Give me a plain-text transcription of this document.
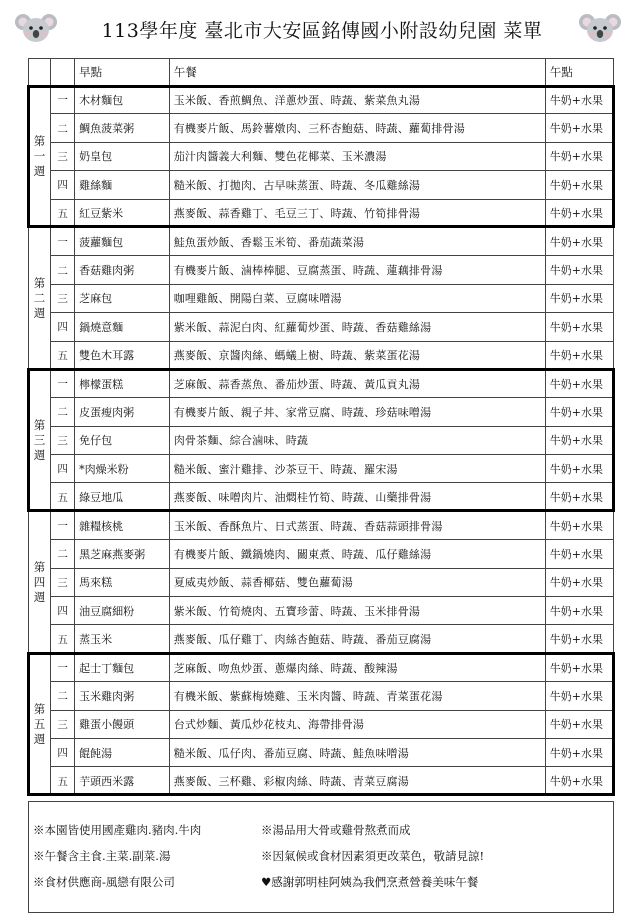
113學年度 臺北市大安區銘傳國小附設幼兒園 菜單
		早點	午餐	午點

第
一
週	一	木材麵包	玉米飯、香煎鯛魚、洋蔥炒蛋、時蔬、紫菜魚丸湯	牛奶+水果
	二	鯛魚菠菜粥	有機麥片飯、馬鈴薯燉肉、三杯杏鮑菇、時蔬、蘿蔔排骨湯	牛奶+水果
	三	奶皇包	茄汁肉醬義大利麵、雙色花椰菜、玉米濃湯	牛奶+水果
	四	雞絲麵	糙米飯、打拋肉、古早味蒸蛋、時蔬、冬瓜雞絲湯	牛奶+水果
	五	紅豆紫米	燕麥飯、蒜香雞丁、毛豆三丁、時蔬、竹筍排骨湯	牛奶+水果

第
二
週	一	菠蘿麵包	鮭魚蛋炒飯、香鬆玉米筍、番茄蔬菜湯	牛奶+水果
	二	香菇雞肉粥	有機麥片飯、滷棒棒腿、豆腐蒸蛋、時蔬、蓮藕排骨湯	牛奶+水果
	三	芝麻包	咖哩雞飯、開陽白菜、豆腐味噌湯	牛奶+水果
	四	鍋燒意麵	紫米飯、蒜泥白肉、紅蘿蔔炒蛋、時蔬、香菇雞絲湯	牛奶+水果
	五	雙色木耳露	燕麥飯、京醬肉絲、螞蟻上樹、時蔬、紫菜蛋花湯	牛奶+水果

第
三
週	一	檸檬蛋糕	芝麻飯、蒜香蒸魚、番茄炒蛋、時蔬、黃瓜貢丸湯	牛奶+水果
	二	皮蛋瘦肉粥	有機麥片飯、親子丼、家常豆腐、時蔬、珍菇味噌湯	牛奶+水果
	三	免仔包	肉骨茶麵、綜合滷味、時蔬	牛奶+水果
	四	*肉燥米粉	糙米飯、蜜汁雞排、沙茶豆干、時蔬、羅宋湯	牛奶+水果
	五	綠豆地瓜	燕麥飯、味噌肉片、油燜桂竹筍、時蔬、山藥排骨湯	牛奶+水果

第
四
週	一	雜糧核桃	玉米飯、香酥魚片、日式蒸蛋、時蔬、香菇蒜頭排骨湯	牛奶+水果
	二	黑芝麻燕麥粥	有機麥片飯、鐵鍋燒肉、關東煮、時蔬、瓜仔雞絲湯	牛奶+水果
	三	馬來糕	夏威夷炒飯、蒜香椰菇、雙色蘿蔔湯	牛奶+水果
	四	油豆腐細粉	紫米飯、竹筍燒肉、五寶珍蕾、時蔬、玉米排骨湯	牛奶+水果
	五	蒸玉米	燕麥飯、瓜仔雞丁、肉絲杏鮑菇、時蔬、番茄豆腐湯	牛奶+水果

第
五
週	一	起士丁麵包	芝麻飯、吻魚炒蛋、蔥爆肉絲、時蔬、酸辣湯	牛奶+水果
	二	玉米雞肉粥	有機米飯、紫蘇梅燒雞、玉米肉醬、時蔬、青菜蛋花湯	牛奶+水果
	三	雞蛋小饅頭	台式炒麵、黃瓜炒花枝丸、海帶排骨湯	牛奶+水果
	四	餛飩湯	糙米飯、瓜仔肉、番茄豆腐、時蔬、鮭魚味噌湯	牛奶+水果
	五	芋頭西米露	燕麥飯、三杯雞、彩椒肉絲、時蔬、青菜豆腐湯	牛奶+水果
※本園皆使用國產雞肉.豬肉.牛肉	※湯品用大骨或雞骨熬煮而成
※午餐含主食.主菜.副菜.湯	※因氣候或食材因素須更改菜色，敬請見諒!
※食材供應商-風戀有限公司	♥感謝郭明桂阿姨為我們烹煮營養美味午餐
